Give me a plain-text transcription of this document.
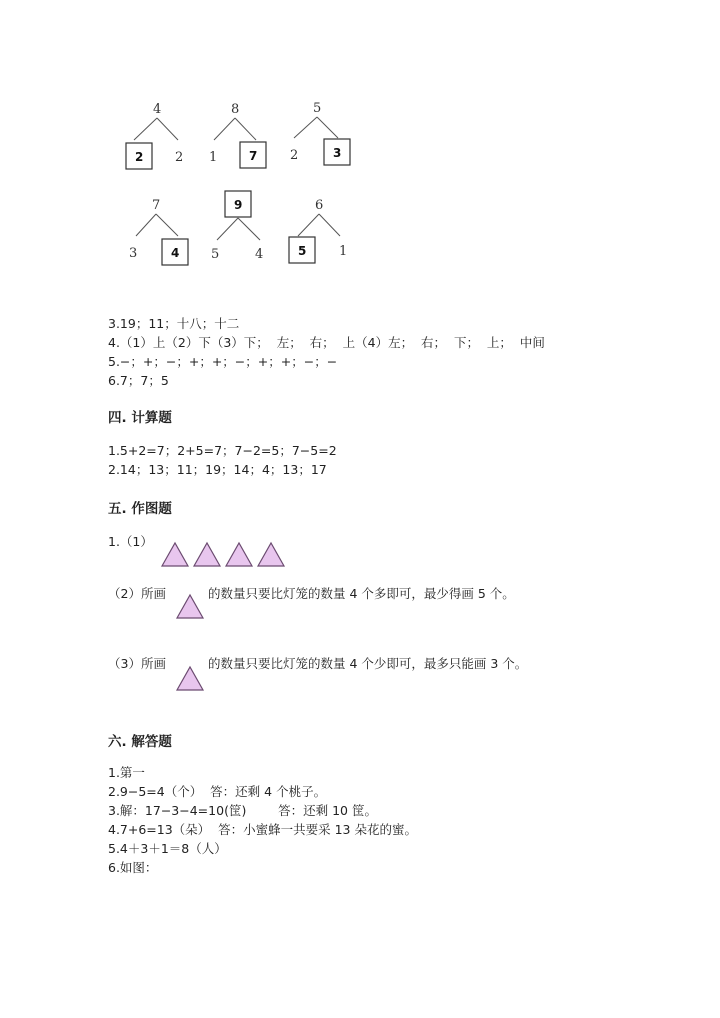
4
2 2
8
1	7
5
2	3
7
3	4
9
5	4
6
5	1
3.19；11；十八；十二
4.（1）上（2）下（3）下；  左；  右；  上（4）左；  右；  下；  上；  中间
5.−；+；−；+；+；−；+；+；−；−
6.7；7；5
四. 计算题
1.5+2=7；2+5=7；7−2=5；7−5=2
2.14；13；11；19；14；4；13；17
五. 作图题
1.（1）
（2）所画	的数量只要比灯笼的数量 4 个多即可，最少得画 5 个。
（3）所画	的数量只要比灯笼的数量 4 个少即可，最多只能画 3 个。
六. 解答题
1.第一
2.9−5=4（个）  答：还剩 4 个桃子。
3.解：17−3−4=10(筐)        答：还剩 10 筐。
4.7+6=13（朵）  答：小蜜蜂一共要采 13 朵花的蜜。
5.4＋3＋1＝8（人）
6.如图：
